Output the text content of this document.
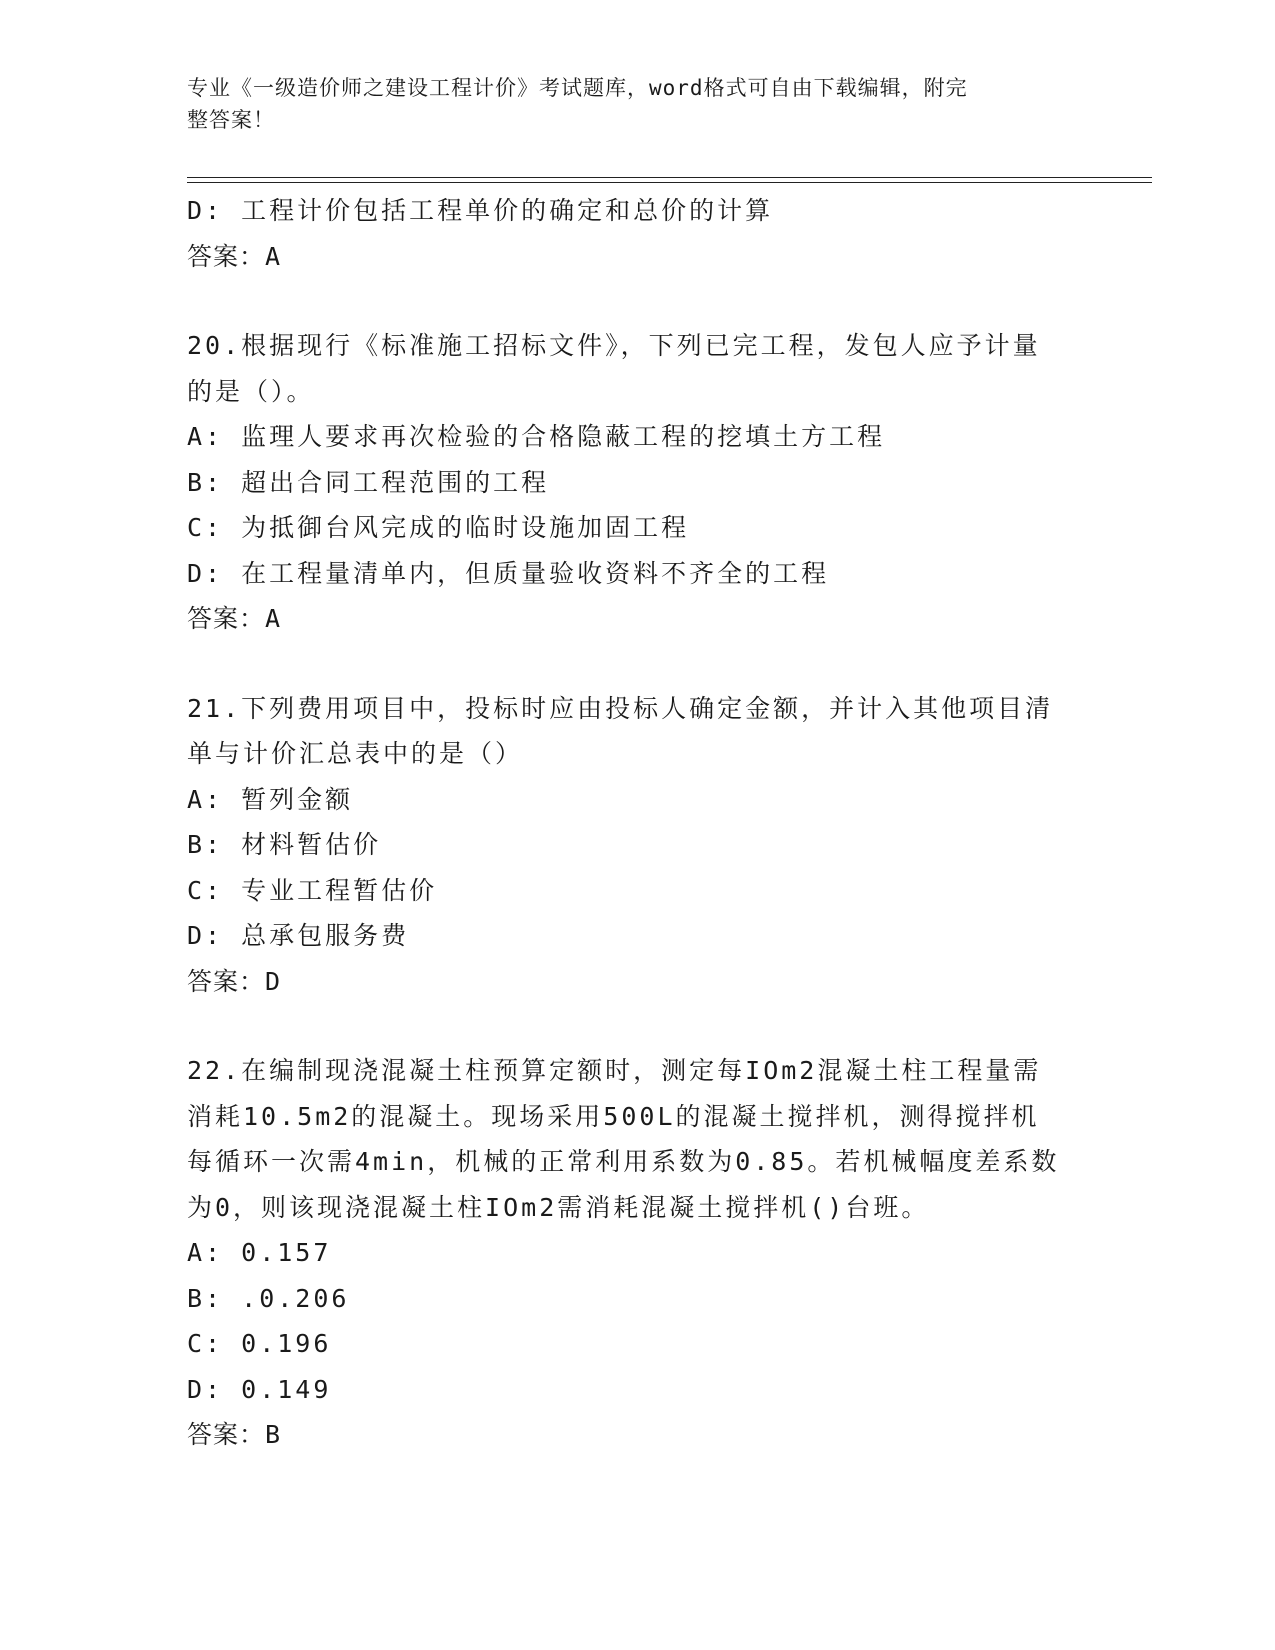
专业《一级造价师之建设工程计价》考试题库，word格式可自由下载编辑，附完
整答案！
D: 工程计价包括工程单价的确定和总价的计算
答案：A
20.根据现行《标准施工招标文件》，下列已完工程，发包人应予计量
的是（）。
A: 监理人要求再次检验的合格隐蔽工程的挖填土方工程
B: 超出合同工程范围的工程
C: 为抵御台风完成的临时设施加固工程
D: 在工程量清单内，但质量验收资料不齐全的工程
答案：A
21.下列费用项目中，投标时应由投标人确定金额，并计入其他项目清
单与计价汇总表中的是（）
A: 暂列金额
B: 材料暂估价
C: 专业工程暂估价
D: 总承包服务费
答案：D
22.在编制现浇混凝土柱预算定额时，测定每IOm2混凝土柱工程量需
消耗10.5m2的混凝土。现场采用500L的混凝土搅拌机，测得搅拌机
每循环一次需4min，机械的正常利用系数为0.85。若机械幅度差系数
为0，则该现浇混凝土柱IOm2需消耗混凝土搅拌机()台班。
A: 0.157
B: .0.206
C: 0.196
D: 0.149
答案：B
